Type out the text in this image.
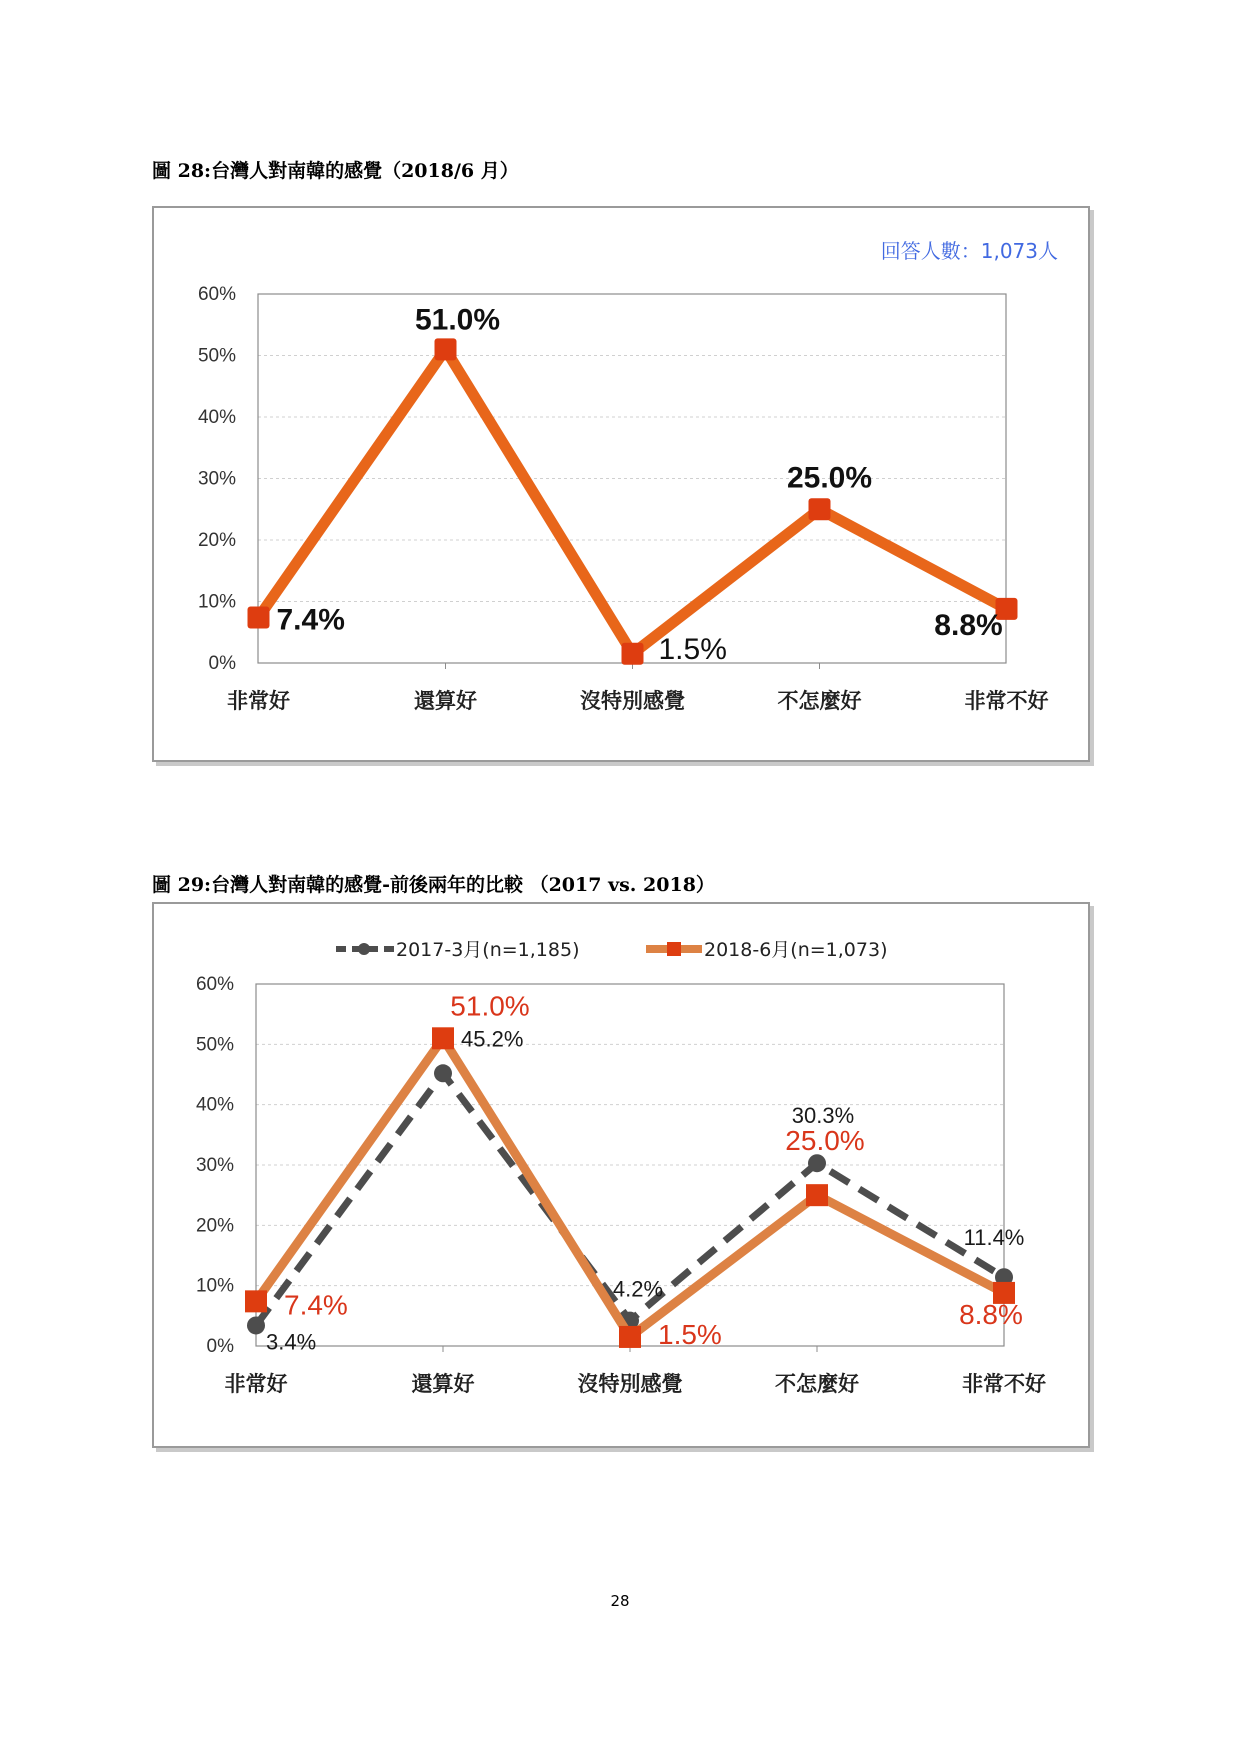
圖 28:台灣人對南韓的感覺（2018/6 月）
0%
10%
20%
30%
40%
50%
60%
非常好	還算好	沒特別感覺	不怎麼好	非常不好
回答人數：1,073人
7.4%
51.0%
1.5%
25.0%
8.8%
圖 29:台灣人對南韓的感覺-前後兩年的比較 （2017 vs. 2018）
0%
10%
20%
30%
40%
50%
60%
非常好	還算好	沒特別感覺	不怎麼好	非常不好
2017-3月(n=1,185)	2018-6月(n=1,073)
3.4%
45.2%
4.2%
30.3%
11.4%
7.4%
51.0%
1.5%
25.0%
8.8%
28
